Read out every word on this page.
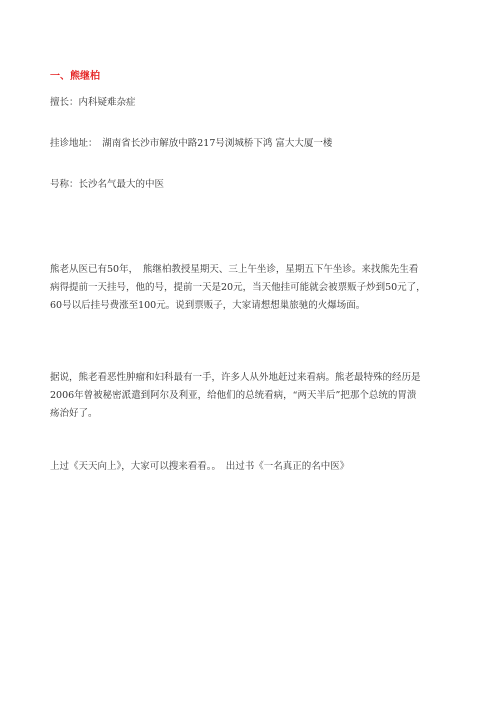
一、熊继柏
擅长：内科疑难杂症
挂诊地址：　湖南省长沙市解放中路217号浏城桥下鸿 富大大厦一楼
号称：长沙名气最大的中医
熊老从医已有50年，　熊继柏教授星期天、三上午坐诊，星期五下午坐诊。来找熊先生看
病得提前一天挂号，他的号，提前一天是20元，当天他挂可能就会被票贩子炒到50元了，
60号以后挂号费涨至100元。说到票贩子，大家请想想巢旅驰的火爆场面。
据说，熊老看恶性肿瘤和妇科最有一手，许多人从外地赶过来看病。熊老最特殊的经历是
2006年曾被秘密派遣到阿尔及利亚，给他们的总统看病，“两天半后”把那个总统的胃溃
疡治好了。
上过《天天向上》，大家可以搜来看看。。　出过书《一名真正的名中医》
